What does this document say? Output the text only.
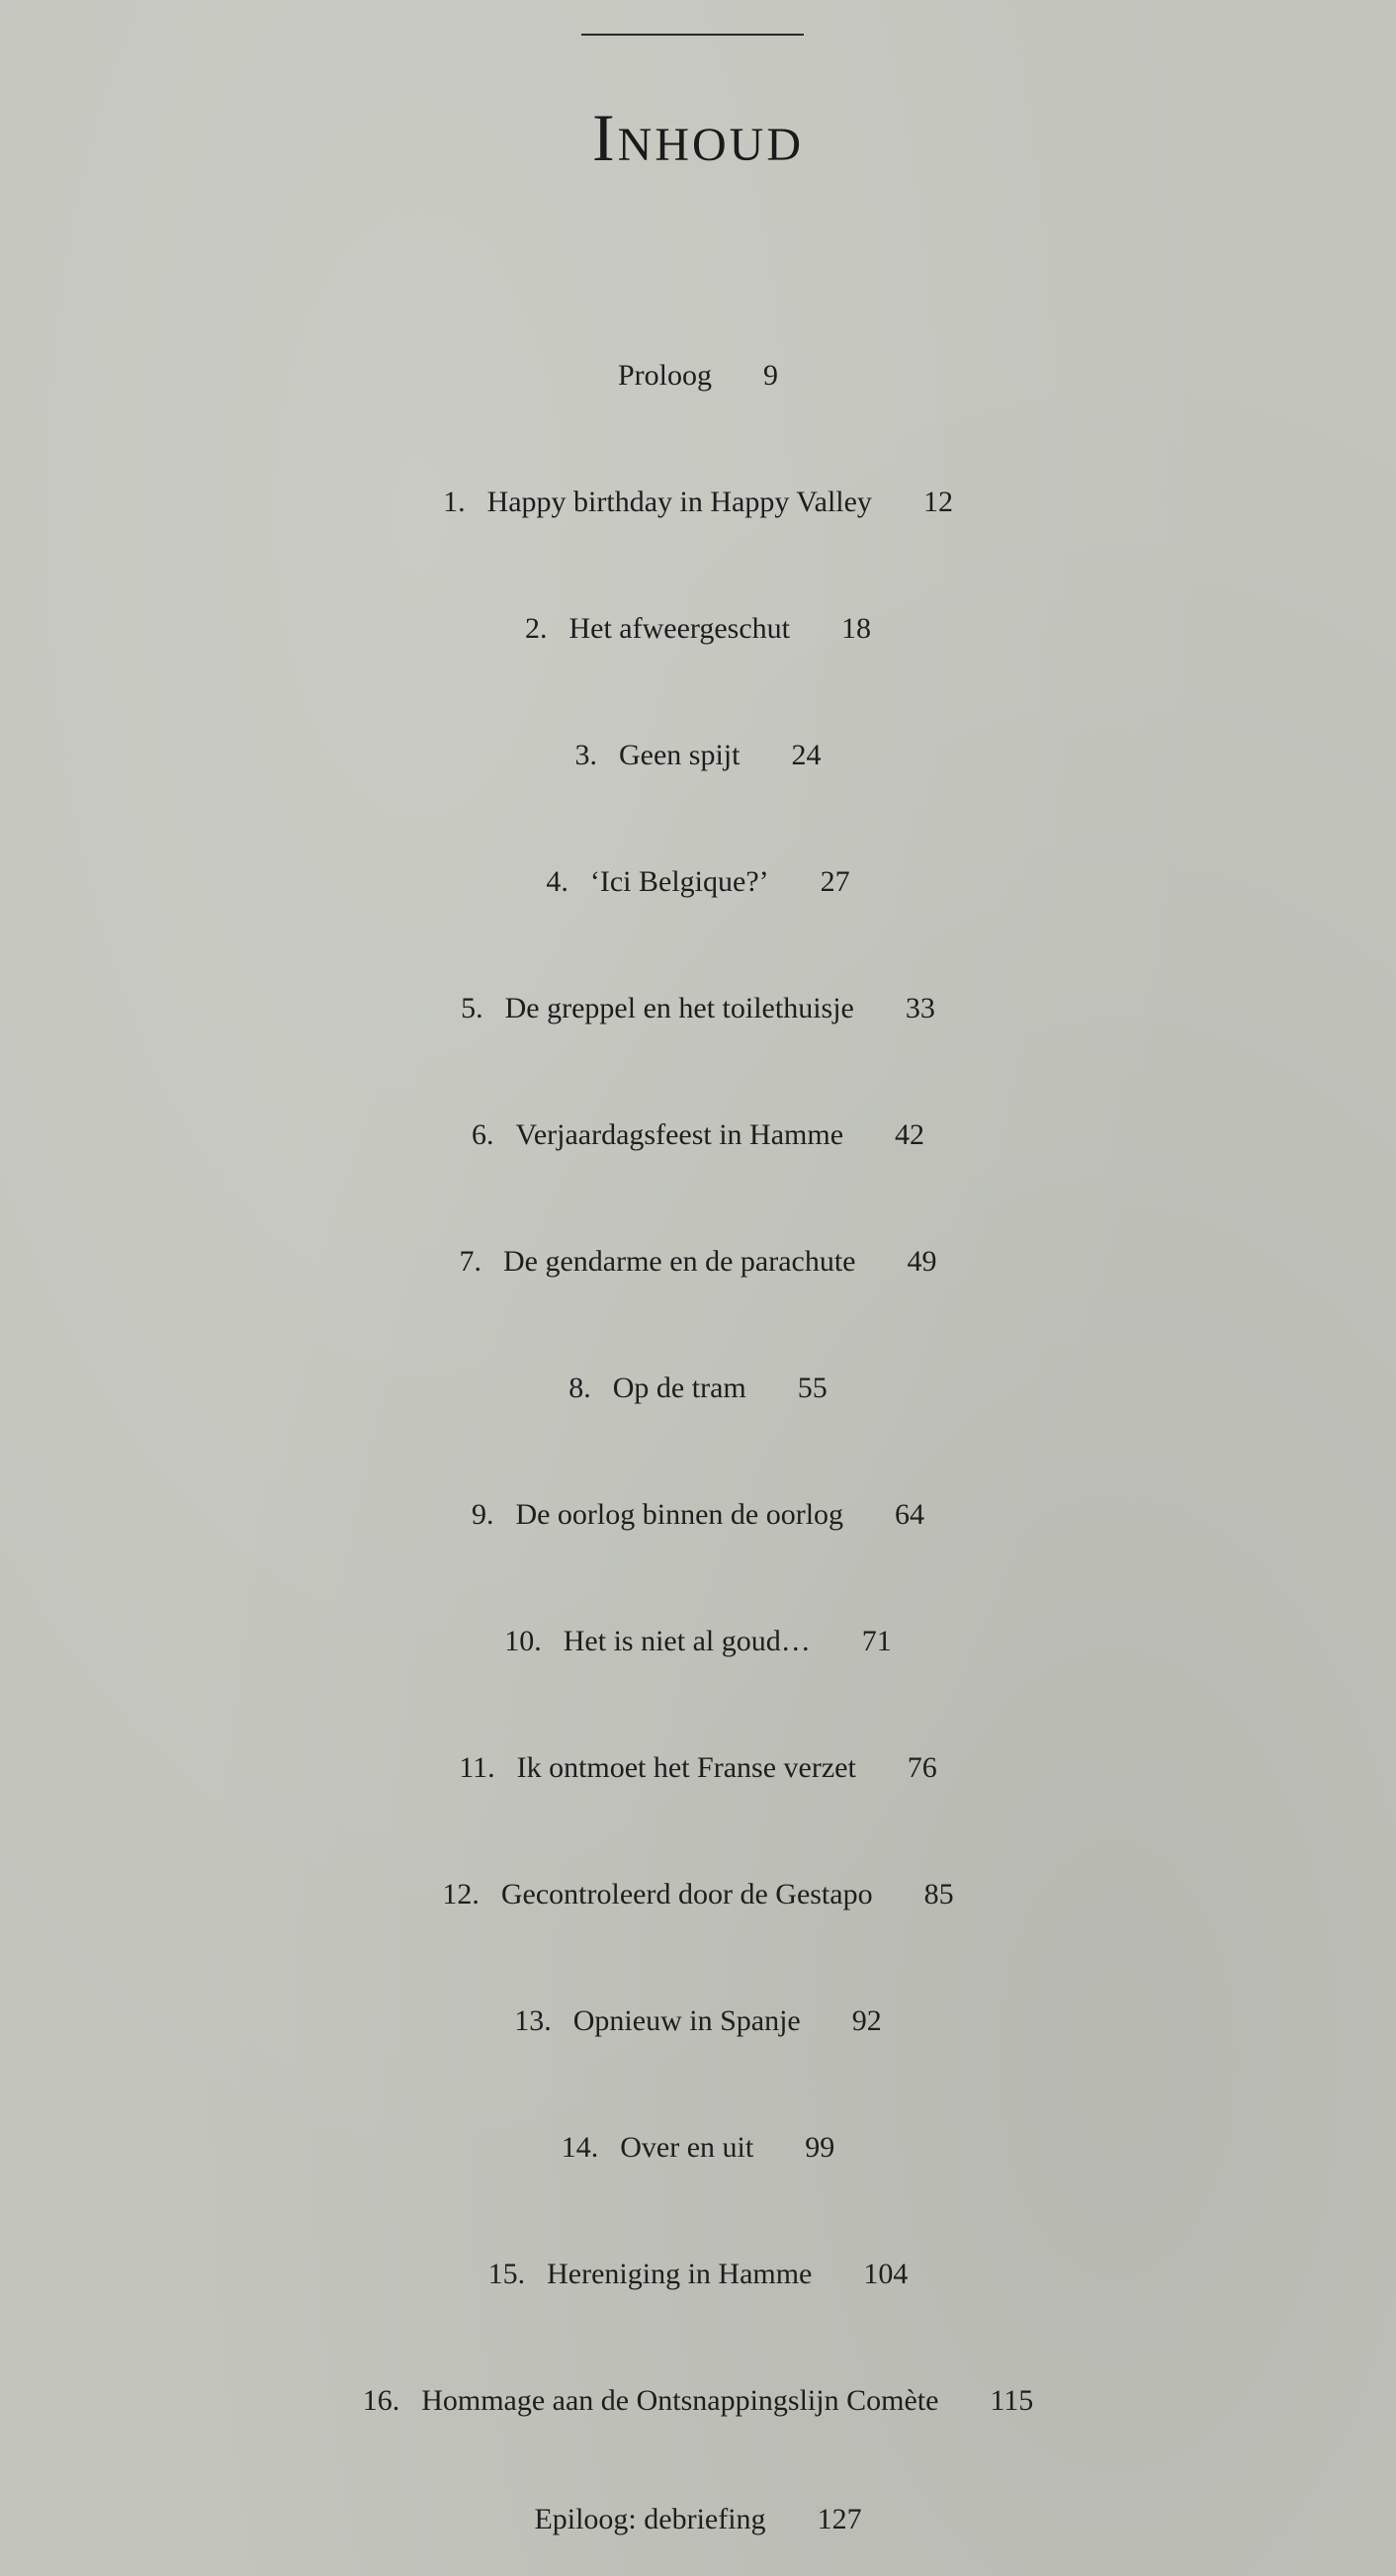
Inhoud
Proloog 9
1. Happy birthday in Happy Valley 12
2. Het afweergeschut 18
3. Geen spijt 24
4. ‘Ici Belgique?’ 27
5. De greppel en het toilethuisje 33
6. Verjaardagsfeest in Hamme 42
7. De gendarme en de parachute 49
8. Op de tram 55
9. De oorlog binnen de oorlog 64
10. Het is niet al goud… 71
11. Ik ontmoet het Franse verzet 76
12. Gecontroleerd door de Gestapo 85
13. Opnieuw in Spanje 92
14. Over en uit 99
15. Hereniging in Hamme 104
16. Hommage aan de Ontsnappingslijn Comète 115
Epiloog: debriefing 127
